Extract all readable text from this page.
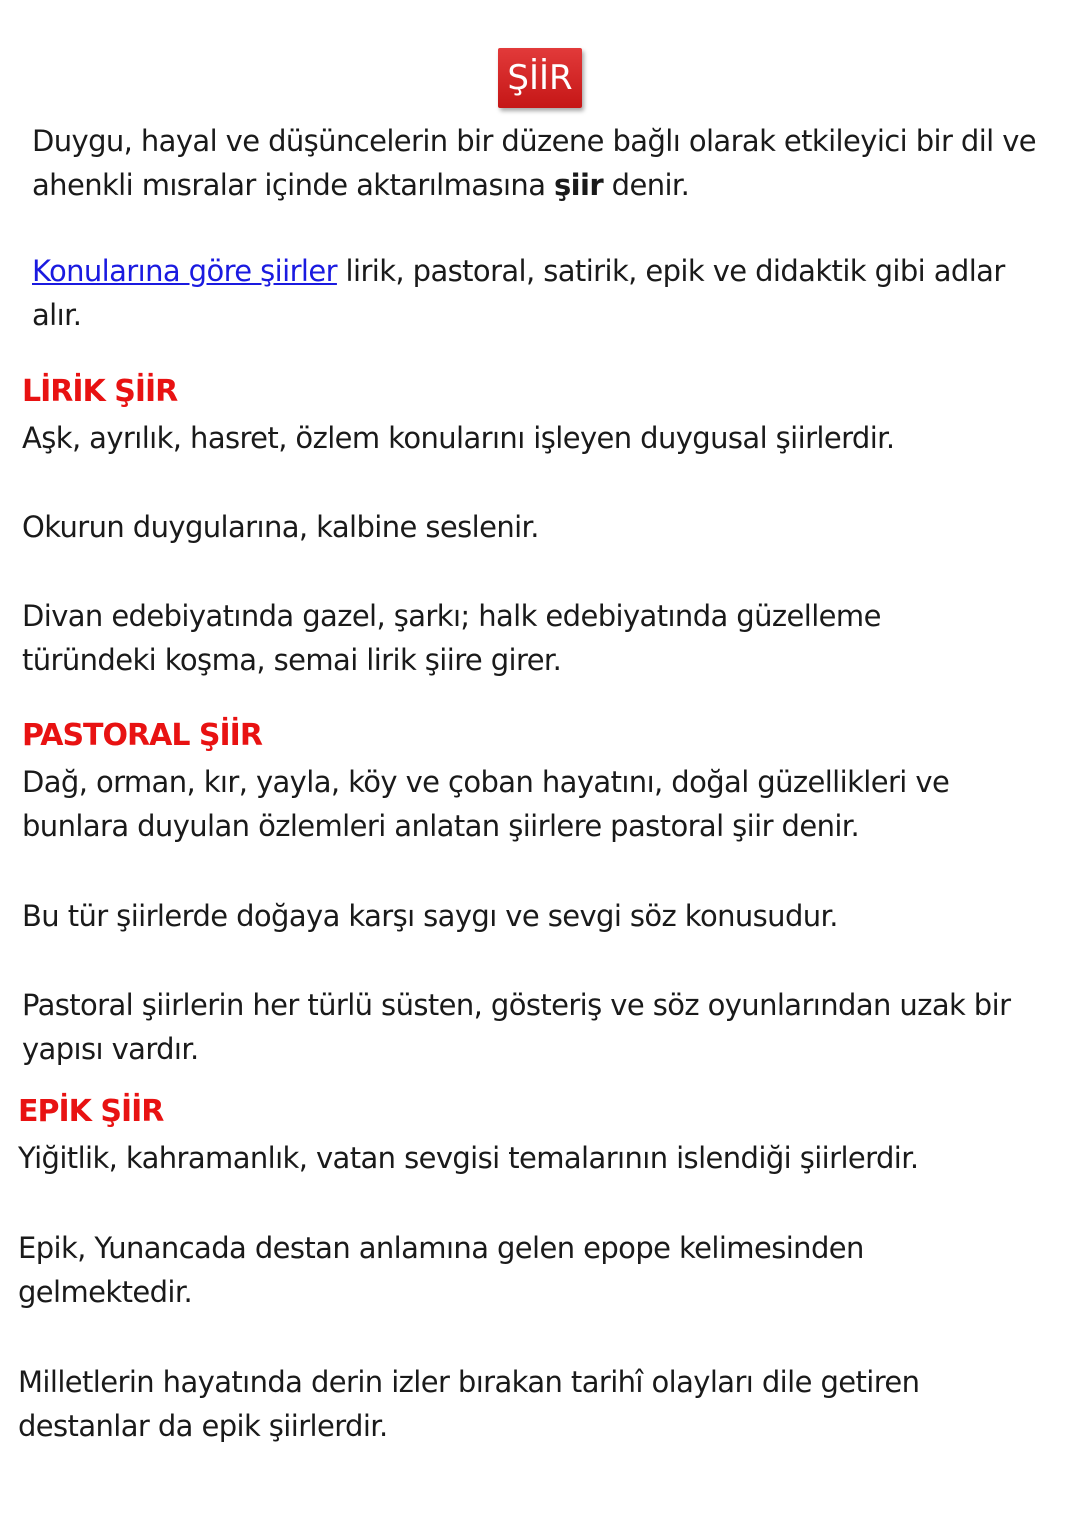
ŞİİR

Duygu, hayal ve düşüncelerin bir düzene bağlı olarak etkileyici bir dil ve ahenkli mısralar içinde aktarılmasına şiir denir.

Konularına göre şiirler lirik, pastoral, satirik, epik ve didaktik gibi adlar alır.

LİRİK ŞİİR

Aşk, ayrılık, hasret, özlem konularını işleyen duygusal şiirlerdir.

Okurun duygularına, kalbine seslenir.

Divan edebiyatında gazel, şarkı; halk edebiyatında güzelleme türündeki koşma, semai lirik şiire girer.

PASTORAL ŞİİR

Dağ, orman, kır, yayla, köy ve çoban hayatını, doğal güzellikleri ve bunlara duyulan özlemleri anlatan şiirlere pastoral şiir denir.

Bu tür şiirlerde doğaya karşı saygı ve sevgi söz konusudur.

Pastoral şiirlerin her türlü süsten, gösteriş ve söz oyunlarından uzak bir yapısı vardır.

EPİK ŞİİR

Yiğitlik, kahramanlık, vatan sevgisi temalarının islendiği şiirlerdir.

Epik, Yunancada destan anlamına gelen epope kelimesinden gelmektedir.

Milletlerin hayatında derin izler bırakan tarihî olayları dile getiren destanlar da epik şiirlerdir.
